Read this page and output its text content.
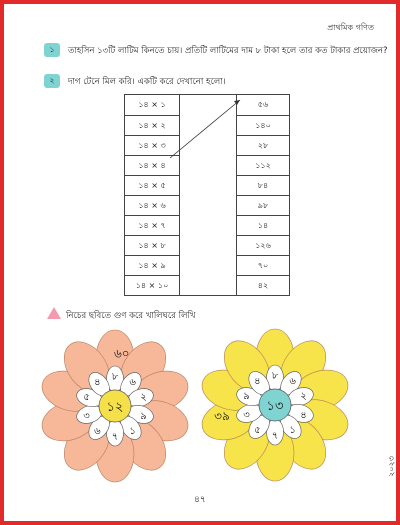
প্রাথমিক গণিত
১	তাহসিন ১৩টি লাটিম কিনতে চায়। প্রতিটি লাটিমের দাম ৮ টাকা হলে তার কত টাকার প্রয়োজন?
২	দাগ টেনে মিল করি। একটি করে দেখানো হলো।
১৪ × ১
১৪ × ২
১৪ × ৩
১৪ × ৪
১৪ × ৫
১৪ × ৬
১৪ × ৭
১৪ × ৮
১৪ × ৯
১৪ × ১০
৫৬
১৪০
২৮
১১২
৮৪
৯৮
১৪
১২৬
৭০
৪২
নিচের ছবিতে গুণ করে খালিঘরে লিখি
৪৭
২০২৩
৮
৬
২
৯
১
৭
৬
৩
৫
৪
১২
৬০
৮
৬
২
৪
১
৭
৫
৩
৯
৪
১৩
৩৯
